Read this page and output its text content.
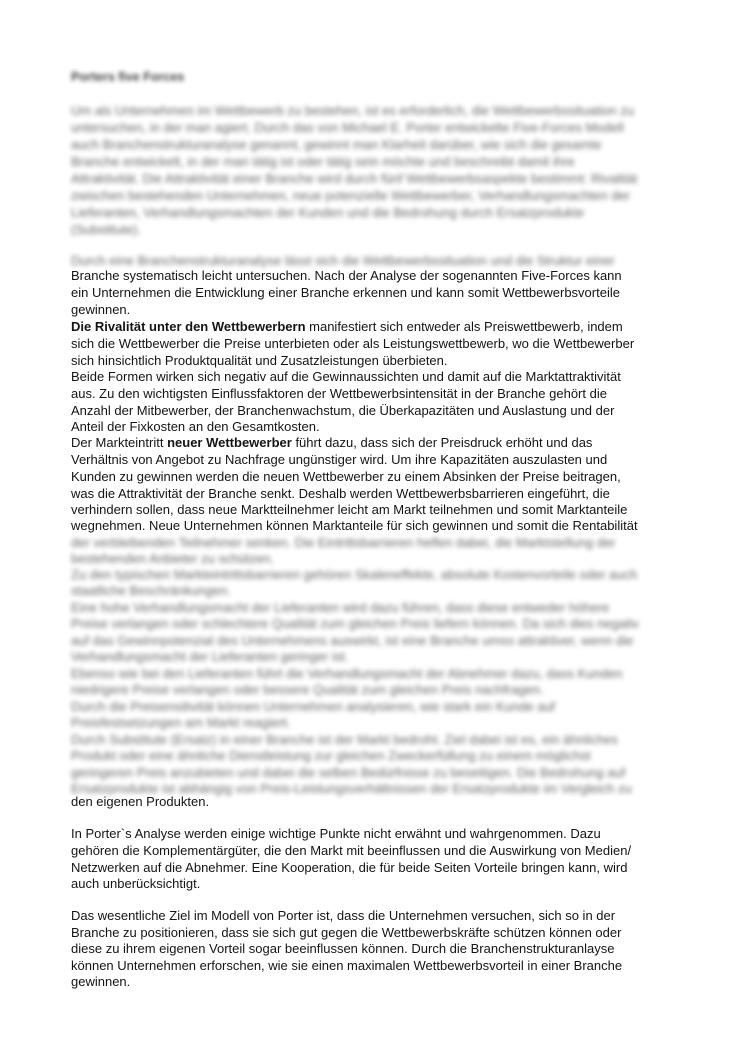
Porters five Forces
Um als Unternehmen im Wettbewerb zu bestehen, ist es erforderlich, die Wettbewerbssituation zu
untersuchen, in der man agiert. Durch das von Michael E. Porter entwickelte Five-Forces Modell
auch Branchenstrukturanalyse genannt, gewinnt man Klarheit darüber, wie sich die gesamte
Branche entwickelt, in der man tätig ist oder tätig sein möchte und beschreibt damit ihre
Attraktivität. Die Attraktivität einer Branche wird durch fünf Wettbewerbsaspekte bestimmt: Rivalität
zwischen bestehenden Unternehmen, neue potenzielle Wettbewerber, Verhandlungsmachten der
Lieferanten, Verhandlungsmachten der Kunden und die Bedrohung durch Ersatzprodukte
(Substitute).
Durch eine Branchenstrukturanalyse lässt sich die Wettbewerbssituation und die Struktur einer
Branche systematisch leicht untersuchen. Nach der Analyse der sogenannten Five-Forces kann
ein Unternehmen die Entwicklung einer Branche erkennen und kann somit Wettbewerbsvorteile
gewinnen.
Die Rivalität unter den Wettbewerbern manifestiert sich entweder als Preiswettbewerb, indem
sich die Wettbewerber die Preise unterbieten oder als Leistungswettbewerb, wo die Wettbewerber
sich hinsichtlich Produktqualität und Zusatzleistungen überbieten.
Beide Formen wirken sich negativ auf die Gewinnaussichten und damit auf die Marktattraktivität
aus. Zu den wichtigsten Einflussfaktoren der Wettbewerbsintensität in der Branche gehört die
Anzahl der Mitbewerber, der Branchenwachstum, die Überkapazitäten und Auslastung und der
Anteil der Fixkosten an den Gesamtkosten.
Der Markteintritt neuer Wettbewerber führt dazu, dass sich der Preisdruck erhöht und das
Verhältnis von Angebot zu Nachfrage ungünstiger wird. Um ihre Kapazitäten auszulasten und
Kunden zu gewinnen werden die neuen Wettbewerber zu einem Absinken der Preise beitragen,
was die Attraktivität der Branche senkt. Deshalb werden Wettbewerbsbarrieren eingeführt, die
verhindern sollen, dass neue Marktteilnehmer leicht am Markt teilnehmen und somit Marktanteile
wegnehmen. Neue Unternehmen können Marktanteile für sich gewinnen und somit die Rentabilität
der verbleibenden Teilnehmer senken. Die Eintrittsbarrieren helfen dabei, die Marktstellung der
bestehenden Anbieter zu schützen.
Zu den typischen Markteintrittsbarrieren gehören Skaleneffekte, absolute Kostenvorteile oder auch
staatliche Beschränkungen.
Eine hohe Verhandlungsmacht der Lieferanten wird dazu führen, dass diese entweder höhere
Preise verlangen oder schlechtere Qualität zum gleichen Preis liefern können. Da sich dies negativ
auf das Gewinnpotenzial des Unternehmens auswirkt, ist eine Branche umso attraktiver, wenn die
Verhandlungsmacht der Lieferanten geringer ist.
Ebenso wie bei den Lieferanten führt die Verhandlungsmacht der Abnehmer dazu, dass Kunden
niedrigere Preise verlangen oder bessere Qualität zum gleichen Preis nachfragen.
Durch die Preisensitivität können Unternehmen analysieren, wie stark ein Kunde auf
Preisfestsetzungen am Markt reagiert.
Durch Substitute (Ersatz) in einer Branche ist der Markt bedroht. Ziel dabei ist es, ein ähnliches
Produkt oder eine ähnliche Dienstleistung zur gleichen Zweckerfüllung zu einem möglichst
geringeren Preis anzubieten und dabei die selben Bedürfnisse zu beseitigen. Die Bedrohung auf
Ersatzprodukte ist abhängig von Preis-Leistungsverhältnissen der Ersatzprodukte im Vergleich zu
den eigenen Produkten.
In Porter`s Analyse werden einige wichtige Punkte nicht erwähnt und wahrgenommen. Dazu
gehören die Komplementärgüter, die den Markt mit beeinflussen und die Auswirkung von Medien/
Netzwerken auf die Abnehmer. Eine Kooperation, die für beide Seiten Vorteile bringen kann, wird
auch unberücksichtigt.
Das wesentliche Ziel im Modell von Porter ist, dass die Unternehmen versuchen, sich so in der
Branche zu positionieren, dass sie sich gut gegen die Wettbewerbskräfte schützen können oder
diese zu ihrem eigenen Vorteil sogar beeinflussen können. Durch die Branchenstrukturanlayse
können Unternehmen erforschen, wie sie einen maximalen Wettbewerbsvorteil in einer Branche
gewinnen.
